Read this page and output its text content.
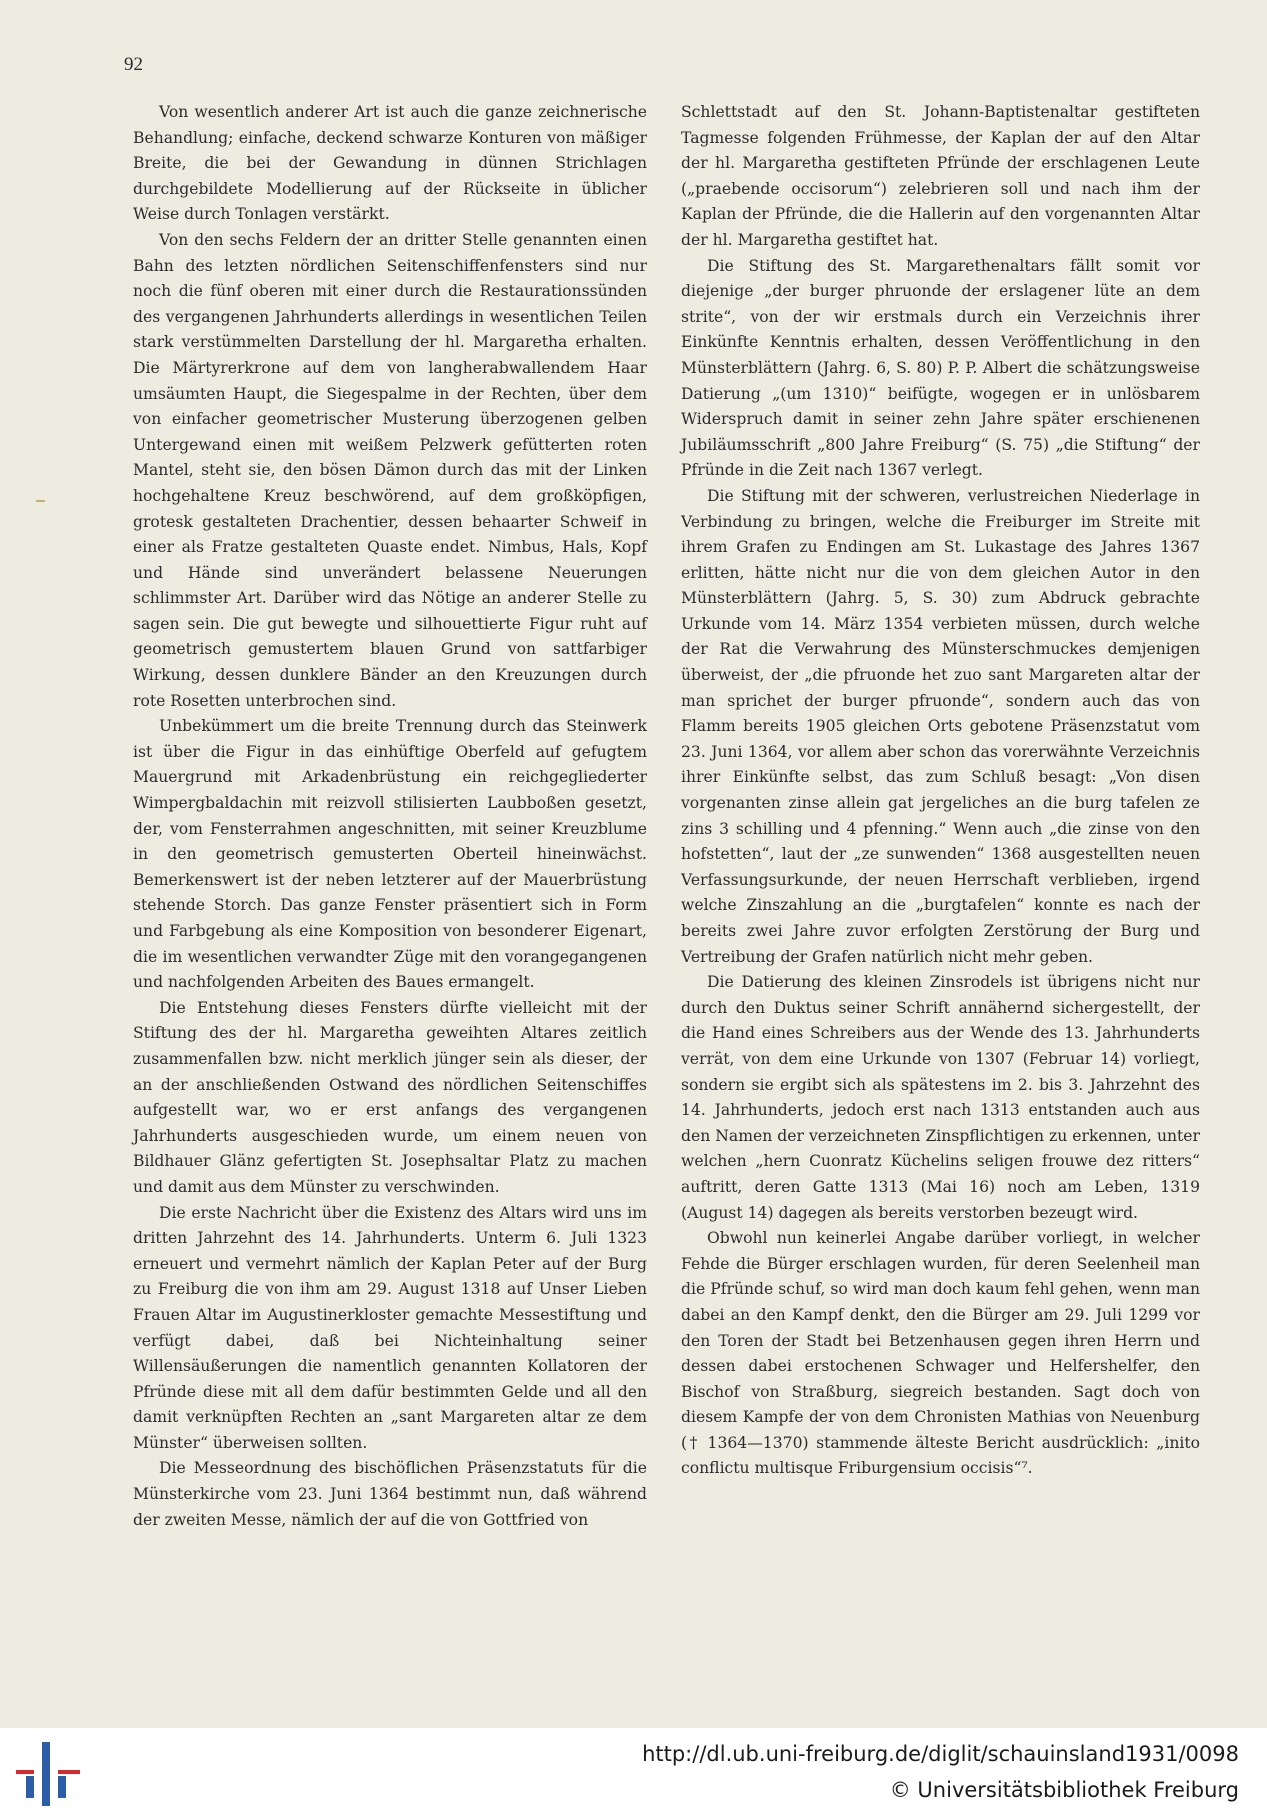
92

Von wesentlich anderer Art ist auch die ganze zeichnerische Behandlung; einfache, deckend schwarze Konturen von mäßiger Breite, die bei der Gewandung in dünnen Strichlagen durchgebildete Modellierung auf der Rückseite in üblicher Weise durch Tonlagen verstärkt.

Von den sechs Feldern der an dritter Stelle genannten einen Bahn des letzten nördlichen Seitenschiffenfensters sind nur noch die fünf oberen mit einer durch die Restaurationssünden des vergangenen Jahrhunderts allerdings in wesentlichen Teilen stark verstümmelten Darstellung der hl. Margaretha erhalten. Die Märtyrerkrone auf dem von langherabwallendem Haar umsäumten Haupt, die Siegespalme in der Rechten, über dem von einfacher geometrischer Musterung überzogenen gelben Untergewand einen mit weißem Pelzwerk gefütterten roten Mantel, steht sie, den bösen Dämon durch das mit der Linken hochgehaltene Kreuz beschwörend, auf dem großköpfigen, grotesk gestalteten Drachentier, dessen behaarter Schweif in einer als Fratze gestalteten Quaste endet. Nimbus, Hals, Kopf und Hände sind unverändert belassene Neuerungen schlimmster Art. Darüber wird das Nötige an anderer Stelle zu sagen sein. Die gut bewegte und silhouettierte Figur ruht auf geometrisch gemustertem blauen Grund von sattfarbiger Wirkung, dessen dunklere Bänder an den Kreuzungen durch rote Rosetten unterbrochen sind.

Unbekümmert um die breite Trennung durch das Steinwerk ist über die Figur in das einhüftige Oberfeld auf gefugtem Mauergrund mit Arkadenbrüstung ein reichgegliederter Wimpergbaldachin mit reizvoll stilisierten Laubboßen gesetzt, der, vom Fensterrahmen angeschnitten, mit seiner Kreuzblume in den geometrisch gemusterten Oberteil hineinwächst. Bemerkenswert ist der neben letzterer auf der Mauerbrüstung stehende Storch. Das ganze Fenster präsentiert sich in Form und Farbgebung als eine Komposition von besonderer Eigenart, die im wesentlichen verwandter Züge mit den vorangegangenen und nachfolgenden Arbeiten des Baues ermangelt.

Die Entstehung dieses Fensters dürfte vielleicht mit der Stiftung des der hl. Margaretha geweihten Altares zeitlich zusammenfallen bzw. nicht merklich jünger sein als dieser, der an der anschließenden Ostwand des nördlichen Seitenschiffes aufgestellt war, wo er erst anfangs des vergangenen Jahrhunderts ausgeschieden wurde, um einem neuen von Bildhauer Glänz gefertigten St. Josephsaltar Platz zu machen und damit aus dem Münster zu verschwinden.

Die erste Nachricht über die Existenz des Altars wird uns im dritten Jahrzehnt des 14. Jahrhunderts. Unterm 6. Juli 1323 erneuert und vermehrt nämlich der Kaplan Peter auf der Burg zu Freiburg die von ihm am 29. August 1318 auf Unser Lieben Frauen Altar im Augustinerkloster gemachte Messestiftung und verfügt dabei, daß bei Nichteinhaltung seiner Willensäußerungen die namentlich genannten Kollatoren der Pfründe diese mit all dem dafür bestimmten Gelde und all den damit verknüpften Rechten an „sant Margareten altar ze dem Münster“ überweisen sollten.

Die Messeordnung des bischöflichen Präsenzstatuts für die Münsterkirche vom 23. Juni 1364 bestimmt nun, daß während der zweiten Messe, nämlich der auf die von Gottfried von

Schlettstadt auf den St. Johann-Baptistenaltar gestifteten Tagmesse folgenden Frühmesse, der Kaplan der auf den Altar der hl. Margaretha gestifteten Pfründe der erschlagenen Leute („praebende occisorum“) zelebrieren soll und nach ihm der Kaplan der Pfründe, die die Hallerin auf den vorgenannten Altar der hl. Margaretha gestiftet hat.

Die Stiftung des St. Margarethenaltars fällt somit vor diejenige „der burger phruonde der erslagener lüte an dem strite“, von der wir erstmals durch ein Verzeichnis ihrer Einkünfte Kenntnis erhalten, dessen Veröffentlichung in den Münsterblättern (Jahrg. 6, S. 80) P. P. Albert die schätzungsweise Datierung „(um 1310)“ beifügte, wogegen er in unlösbarem Widerspruch damit in seiner zehn Jahre später erschienenen Jubiläumsschrift „800 Jahre Freiburg“ (S. 75) „die Stiftung“ der Pfründe in die Zeit nach 1367 verlegt.

Die Stiftung mit der schweren, verlustreichen Niederlage in Verbindung zu bringen, welche die Freiburger im Streite mit ihrem Grafen zu Endingen am St. Lukastage des Jahres 1367 erlitten, hätte nicht nur die von dem gleichen Autor in den Münsterblättern (Jahrg. 5, S. 30) zum Abdruck gebrachte Urkunde vom 14. März 1354 verbieten müssen, durch welche der Rat die Verwahrung des Münsterschmuckes demjenigen überweist, der „die pfruonde het zuo sant Margareten altar der man sprichet der burger pfruonde“, sondern auch das von Flamm bereits 1905 gleichen Orts gebotene Präsenzstatut vom 23. Juni 1364, vor allem aber schon das vorerwähnte Verzeichnis ihrer Einkünfte selbst, das zum Schluß besagt: „Von disen vorgenanten zinse allein gat jergeliches an die burg tafelen ze zins 3 schilling und 4 pfenning.“ Wenn auch „die zinse von den hofstetten“, laut der „ze sunwenden“ 1368 ausgestellten neuen Verfassungsurkunde, der neuen Herrschaft verblieben, irgend welche Zinszahlung an die „burgtafelen“ konnte es nach der bereits zwei Jahre zuvor erfolgten Zerstörung der Burg und Vertreibung der Grafen natürlich nicht mehr geben.

Die Datierung des kleinen Zinsrodels ist übrigens nicht nur durch den Duktus seiner Schrift annähernd sichergestellt, der die Hand eines Schreibers aus der Wende des 13. Jahrhunderts verrät, von dem eine Urkunde von 1307 (Februar 14) vorliegt, sondern sie ergibt sich als spätestens im 2. bis 3. Jahrzehnt des 14. Jahrhunderts, jedoch erst nach 1313 entstanden auch aus den Namen der verzeichneten Zinspflichtigen zu erkennen, unter welchen „hern Cuonratz Küchelins seligen frouwe dez ritters“ auftritt, deren Gatte 1313 (Mai 16) noch am Leben, 1319 (August 14) dagegen als bereits verstorben bezeugt wird.

Obwohl nun keinerlei Angabe darüber vorliegt, in welcher Fehde die Bürger erschlagen wurden, für deren Seelenheil man die Pfründe schuf, so wird man doch kaum fehl gehen, wenn man dabei an den Kampf denkt, den die Bürger am 29. Juli 1299 vor den Toren der Stadt bei Betzenhausen gegen ihren Herrn und dessen dabei erstochenen Schwager und Helfershelfer, den Bischof von Straßburg, siegreich bestanden. Sagt doch von diesem Kampfe der von dem Chronisten Mathias von Neuenburg († 1364—1370) stammende älteste Bericht ausdrücklich: „inito conflictu multisque Friburgensium occisis“⁷.

http://dl.ub.uni-freiburg.de/diglit/schauinsland1931/0098
© Universitätsbibliothek Freiburg
